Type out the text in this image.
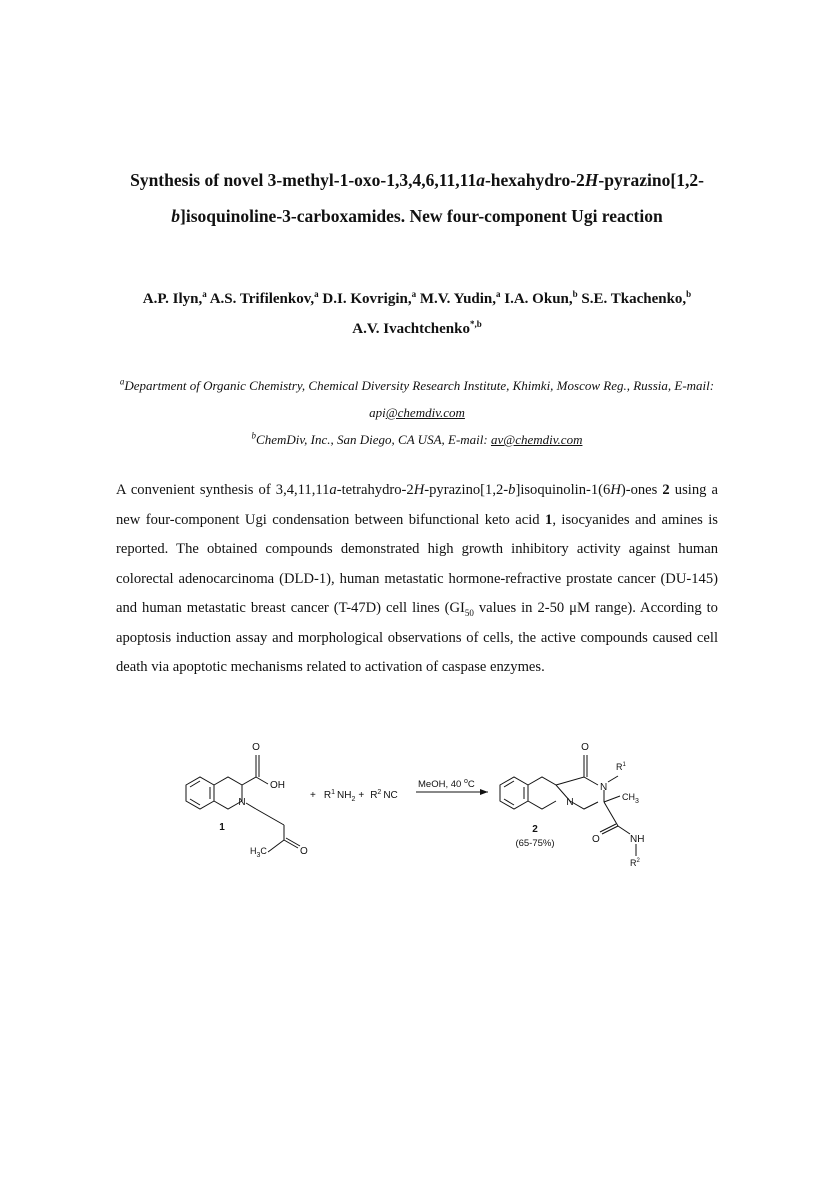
Synthesis of novel 3-methyl-1-oxo-1,3,4,6,11,11a-hexahydro-2H-pyrazino[1,2-b]isoquinoline-3-carboxamides. New four-component Ugi reaction
A.P. Ilyn,$^a$ A.S. Trifilenkov,$^a$ D.I. Kovrigin,$^a$ M.V. Yudin,$^a$ I.A. Okun,$^b$ S.E. Tkachenko,$^b$
A.V. Ivachtchenko$^{*,b}$
$^a$Department of Organic Chemistry, Chemical Diversity Research Institute, Khimki, Moscow Reg., Russia, E-mail: api@chemdiv.com
$^b$ChemDiv, Inc., San Diego, CA USA, E-mail: av@chemdiv.com
A convenient synthesis of 3,4,11,11a-tetrahydro-2H-pyrazino[1,2-b]isoquinolin-1(6H)-ones 2 using a new four-component Ugi condensation between bifunctional keto acid 1, isocyanides and amines is reported. The obtained compounds demonstrated high growth inhibitory activity against human colorectal adenocarcinoma (DLD-1), human metastatic hormone-refractive prostate cancer (DU-145) and human metastatic breast cancer (T-47D) cell lines ($GI_{50}$ values in 2-50 μM range). According to apoptosis induction assay and morphological observations of cells, the active compounds caused cell death via apoptotic mechanisms related to activation of caspase enzymes.
O
OH
N
O
$H_3C$
1
+ $R^1$ $NH_2 + R^2$ NC
MeOH, 40 $^o$C
O
N
$R^1$
$CH_3$
N
O	NH
$R^2$
2
(65-75%)
